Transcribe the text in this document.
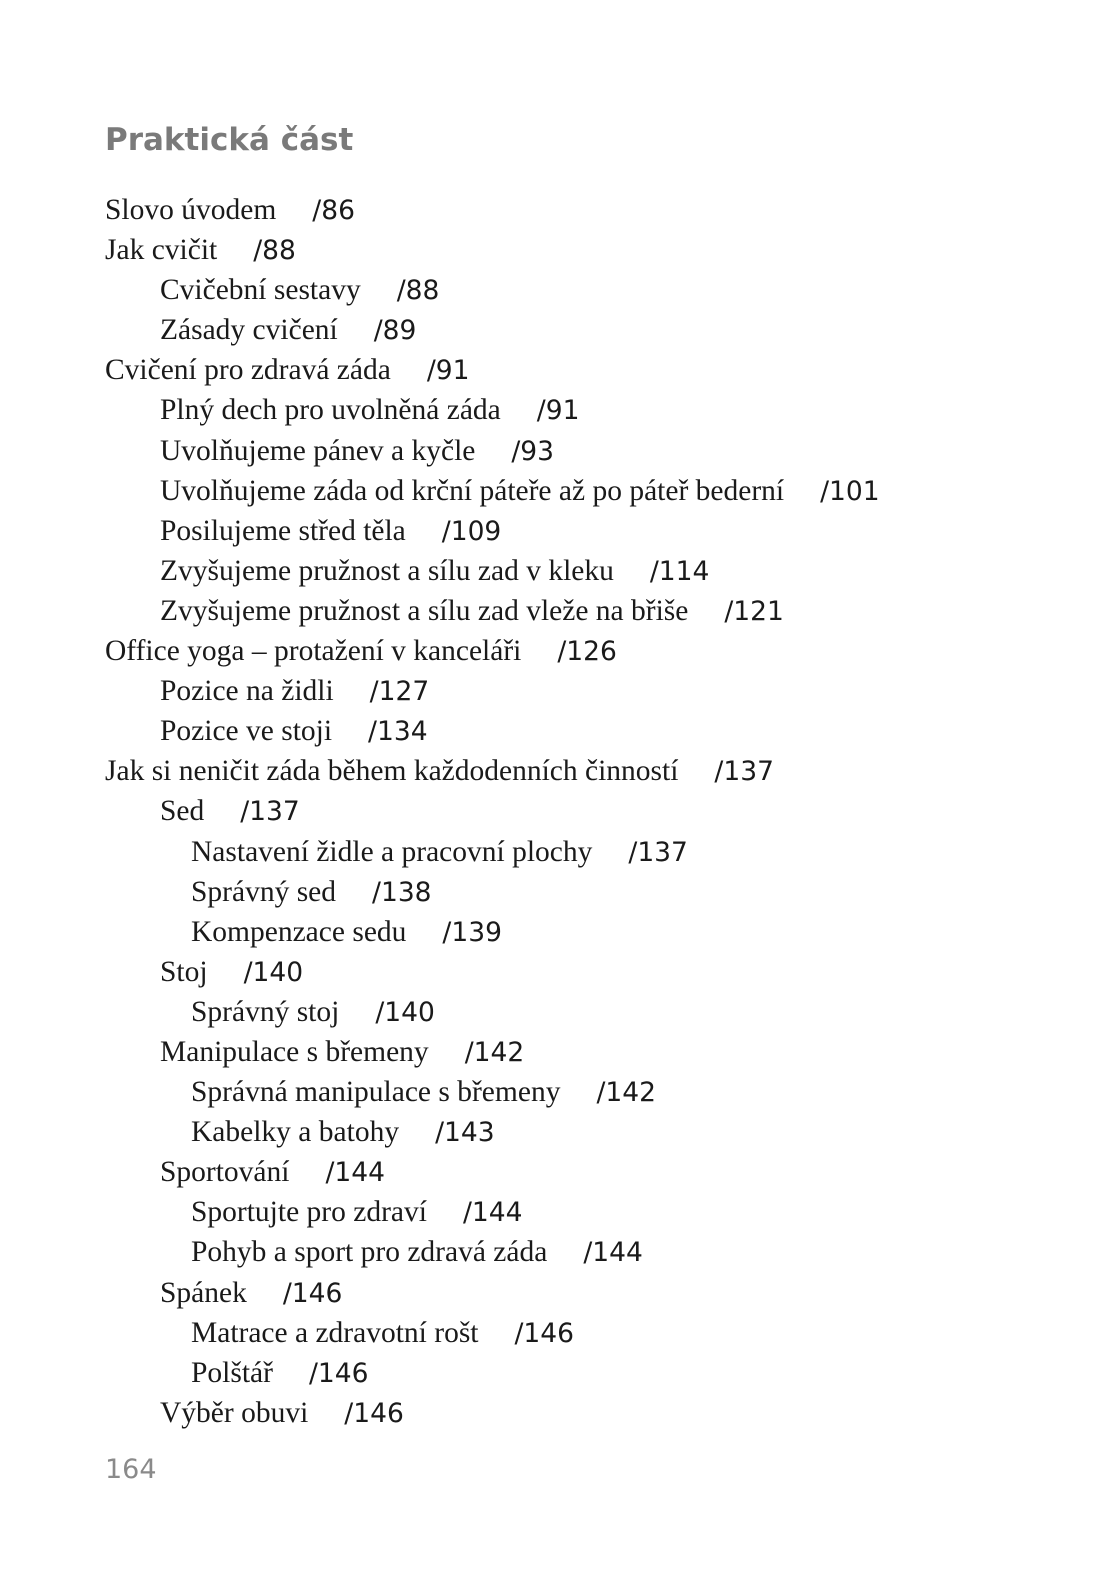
Praktická část
Slovo úvodem /86
Jak cvičit /88
Cvičební sestavy /88
Zásady cvičení /89
Cvičení pro zdravá záda /91
Plný dech pro uvolněná záda /91
Uvolňujeme pánev a kyčle /93
Uvolňujeme záda od krční páteře až po páteř bederní /101
Posilujeme střed těla /109
Zvyšujeme pružnost a sílu zad v kleku /114
Zvyšujeme pružnost a sílu zad vleže na břiše /121
Office yoga – protažení v kanceláři /126
Pozice na židli /127
Pozice ve stoji /134
Jak si neničit záda během každodenních činností /137
Sed /137
Nastavení židle a pracovní plochy /137
Správný sed /138
Kompenzace sedu /139
Stoj /140
Správný stoj /140
Manipulace s břemeny /142
Správná manipulace s břemeny /142
Kabelky a batohy /143
Sportování /144
Sportujte pro zdraví /144
Pohyb a sport pro zdravá záda /144
Spánek /146
Matrace a zdravotní rošt /146
Polštář /146
Výběr obuvi /146
164
